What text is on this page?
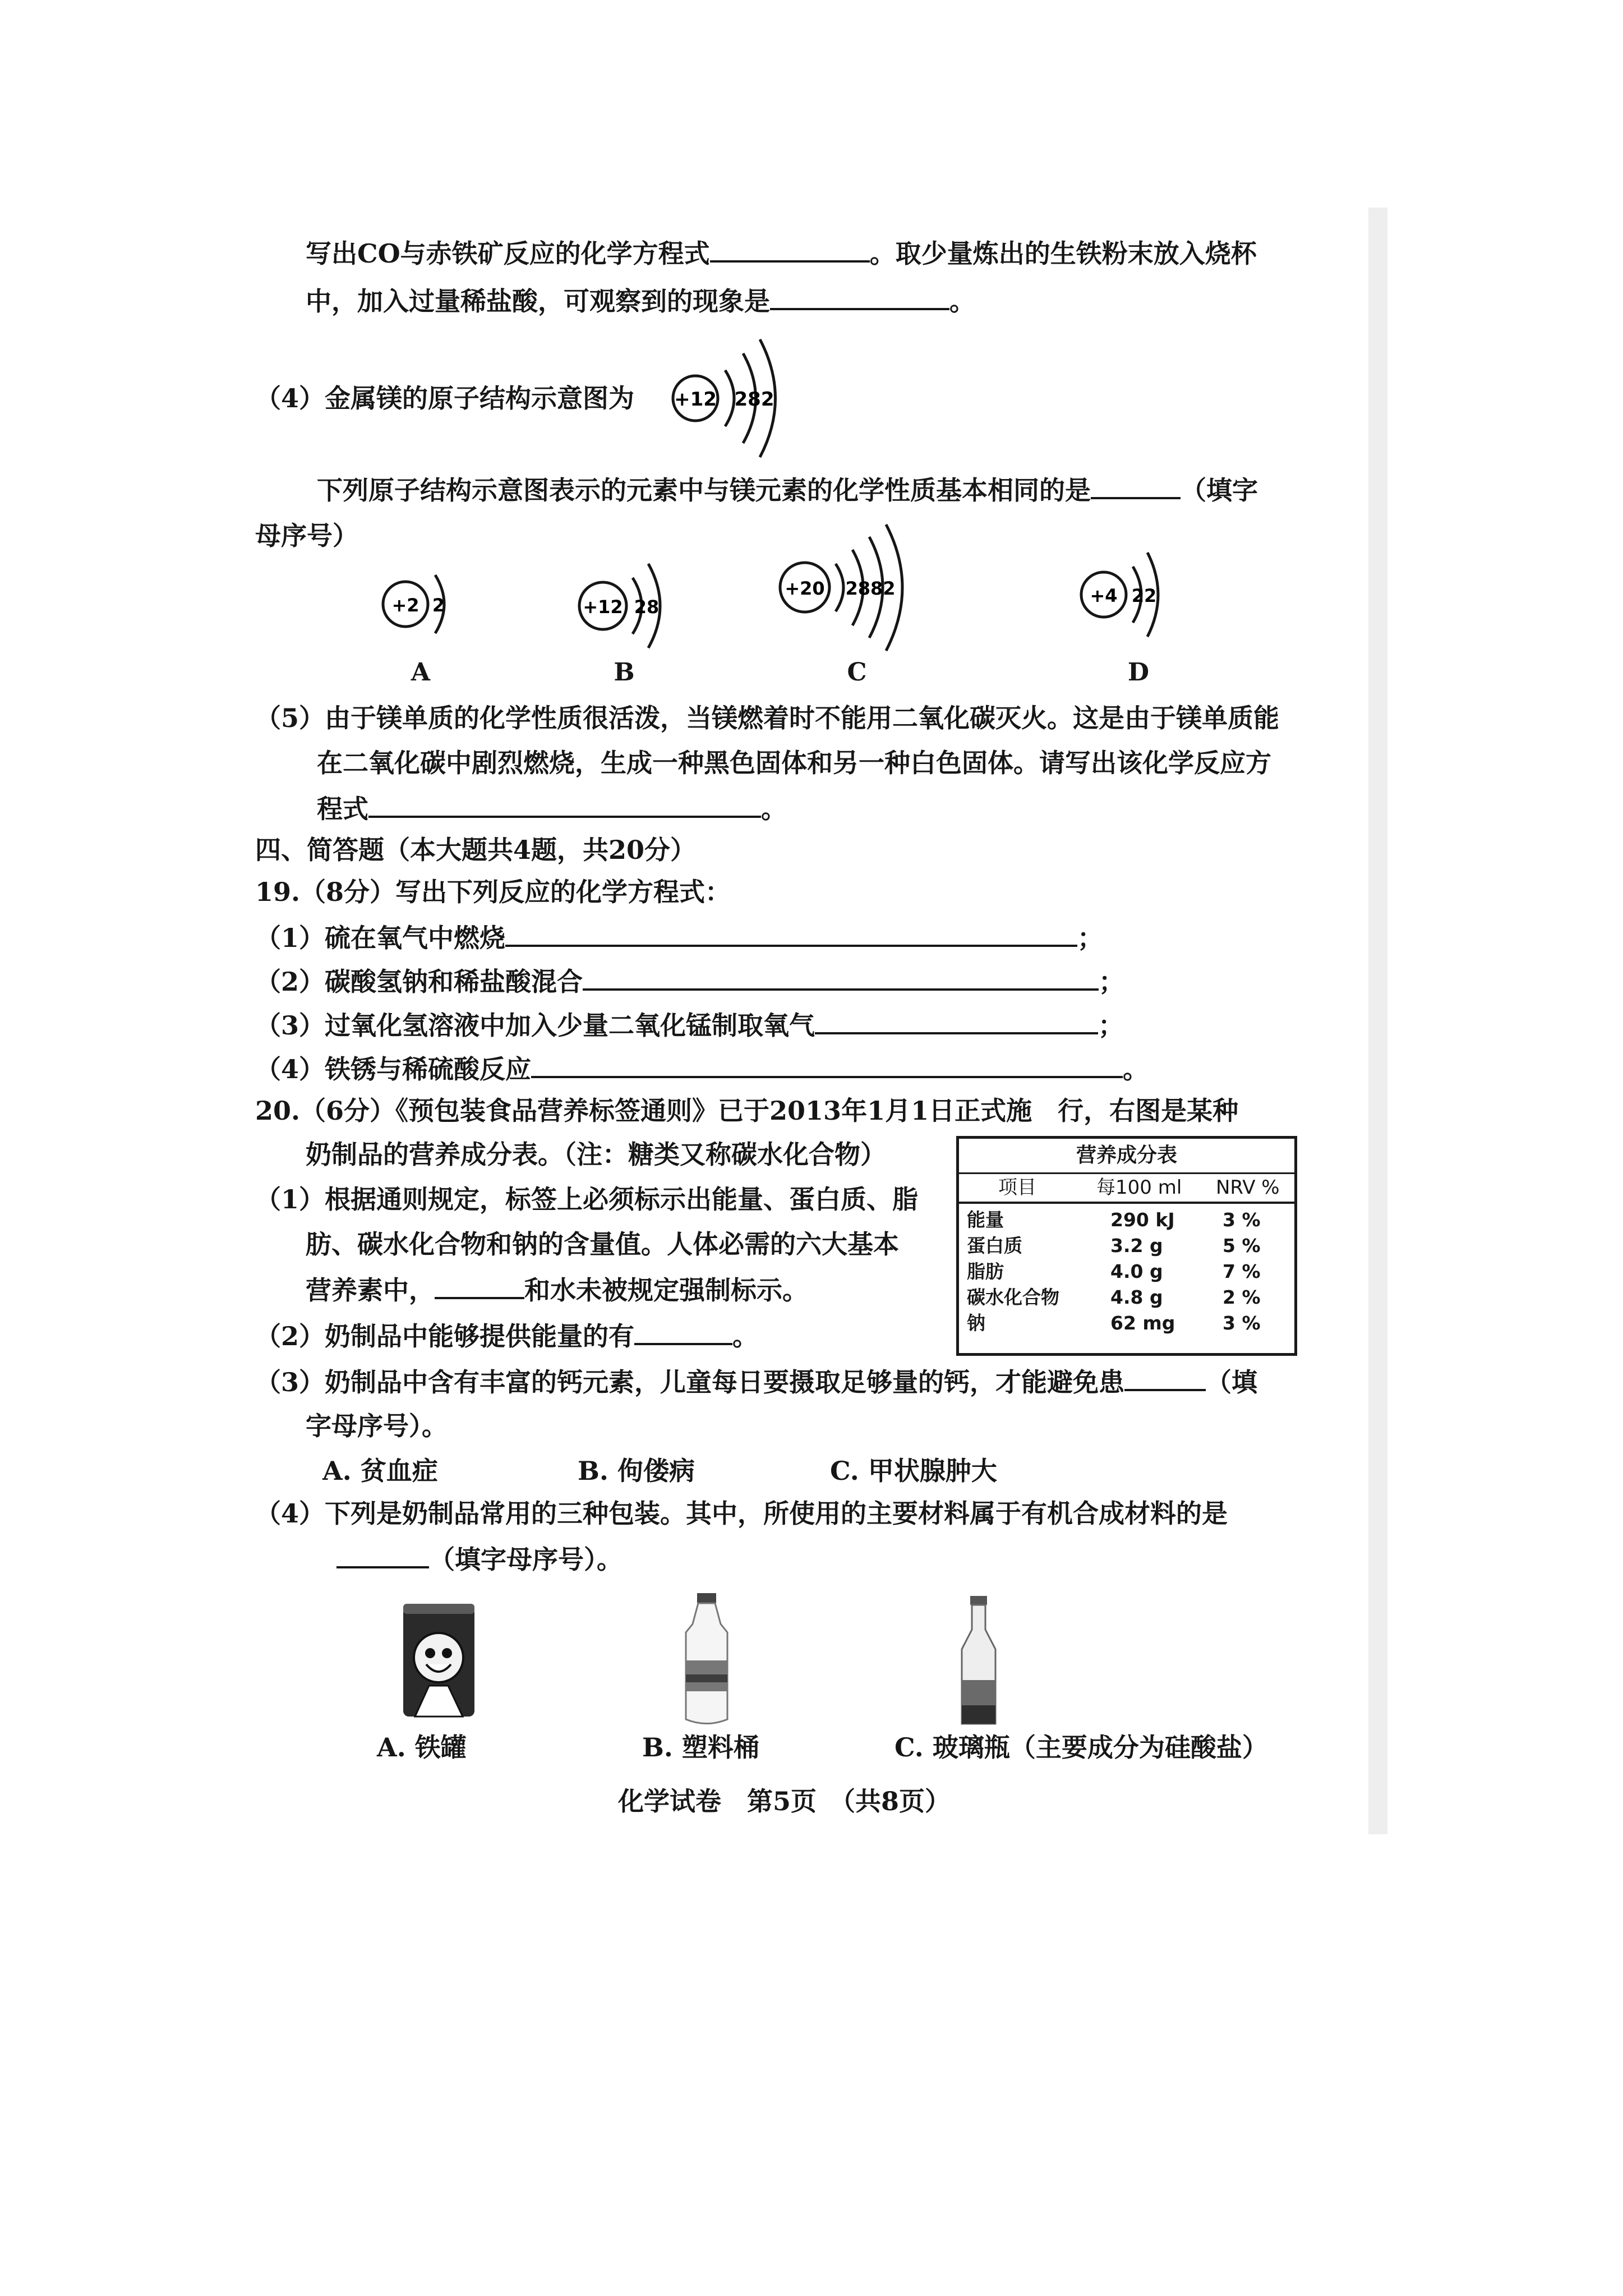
写出CO与赤铁矿反应的化学方程式	。取少量炼出的生铁粉末放入烧杯
中，加入过量稀盐酸，可观察到的现象是	。
（4）金属镁的原子结构示意图为 +12 282
下列原子结构示意图表示的元素中与镁元素的化学性质基本相同的是	（填字
母序号）
+2 2
A
+12 28
B
+20 2882
C
+4 22
D
（5）由于镁单质的化学性质很活泼，当镁燃着时不能用二氧化碳灭火。这是由于镁单质能
在二氧化碳中剧烈燃烧，生成一种黑色固体和另一种白色固体。请写出该化学反应方
程式	。
四、简答题（本大题共4题，共20分）
19.（8分）写出下列反应的化学方程式：
（1）硫在氧气中燃烧	；
（2）碳酸氢钠和稀盐酸混合	；
（3）过氧化氢溶液中加入少量二氧化锰制取氧气	；
（4）铁锈与稀硫酸反应	。
20.（6分）《预包装食品营养标签通则》已于2013年1月1日正式施　行，右图是某种
奶制品的营养成分表。（注：糖类又称碳水化合物）
（1）根据通则规定，标签上必须标示出能量、蛋白质、脂
肪、碳水化合物和钠的含量值。人体必需的六大基本
营养素中，	和水未被规定强制标示。
（2）奶制品中能够提供能量的有	。
（3）奶制品中含有丰富的钙元素，儿童每日要摄取足够量的钙，才能避免患	（填
字母序号）。
A. 贫血症	B. 佝偻病	C. 甲状腺肿大
（4）下列是奶制品常用的三种包装。其中，所使用的主要材料属于有机合成材料的是
（填字母序号）。
营养成分表
项目	每100 ml NRV %
能量	290 kJ	3 %
蛋白质	3.2 g	5 %
脂肪	4.0 g	7 %
碳水化合物	4.8 g	2 %
钠	62 mg	3 %
A. 铁罐	B. 塑料桶	C. 玻璃瓶（主要成分为硅酸盐）
化学试卷　第5页　（共8页）
